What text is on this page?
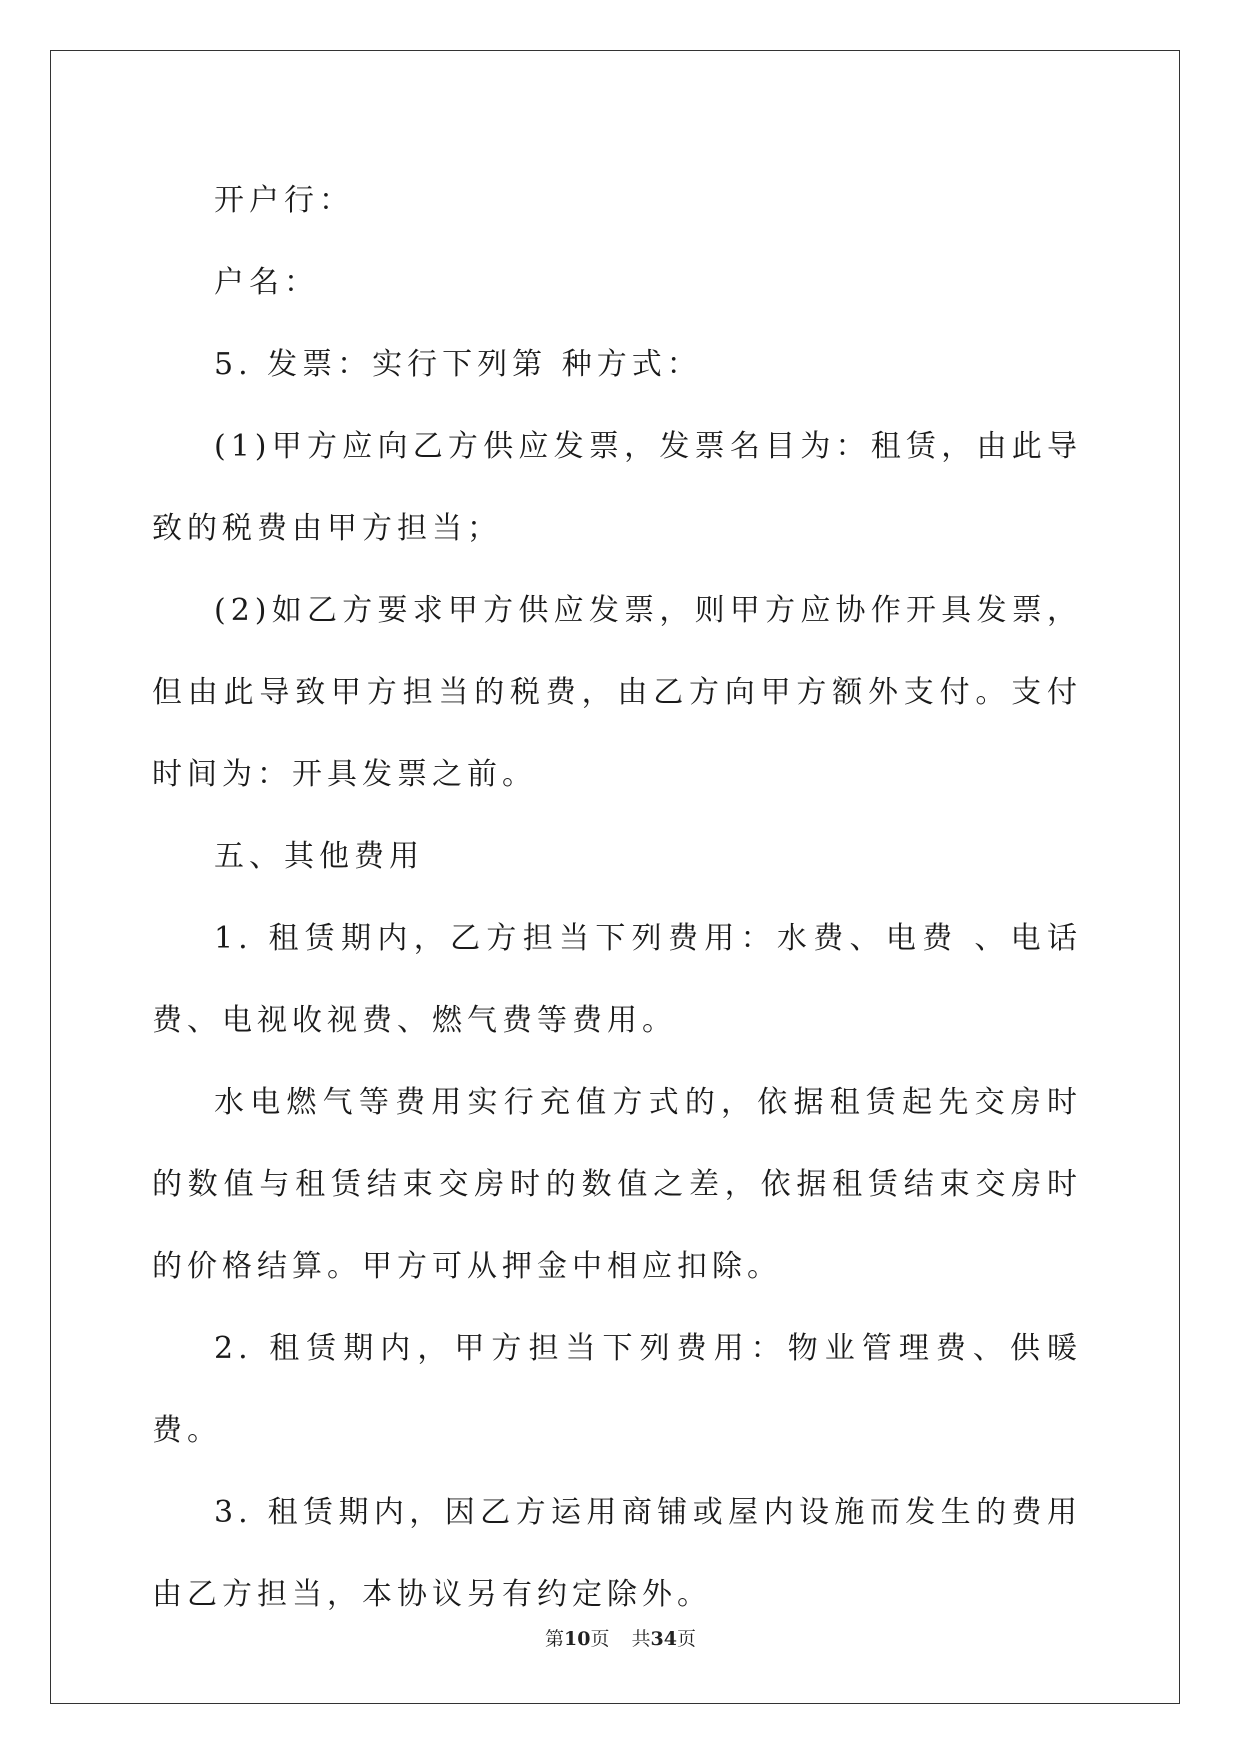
开户行：

户名：

5. 发票：实行下列第 种方式：

(1)甲方应向乙方供应发票，发票名目为：租赁，由此导致的税费由甲方担当；

(2)如乙方要求甲方供应发票，则甲方应协作开具发票，但由此导致甲方担当的税费，由乙方向甲方额外支付。支付时间为：开具发票之前。

五、其他费用

1. 租赁期内，乙方担当下列费用：水费、电费 、电话费、电视收视费、燃气费等费用。

水电燃气等费用实行充值方式的，依据租赁起先交房时的数值与租赁结束交房时的数值之差，依据租赁结束交房时的价格结算。甲方可从押金中相应扣除。

2. 租赁期内，甲方担当下列费用：物业管理费、供暖费。

3. 租赁期内，因乙方运用商铺或屋内设施而发生的费用由乙方担当，本协议另有约定除外。

第10页 共34页
